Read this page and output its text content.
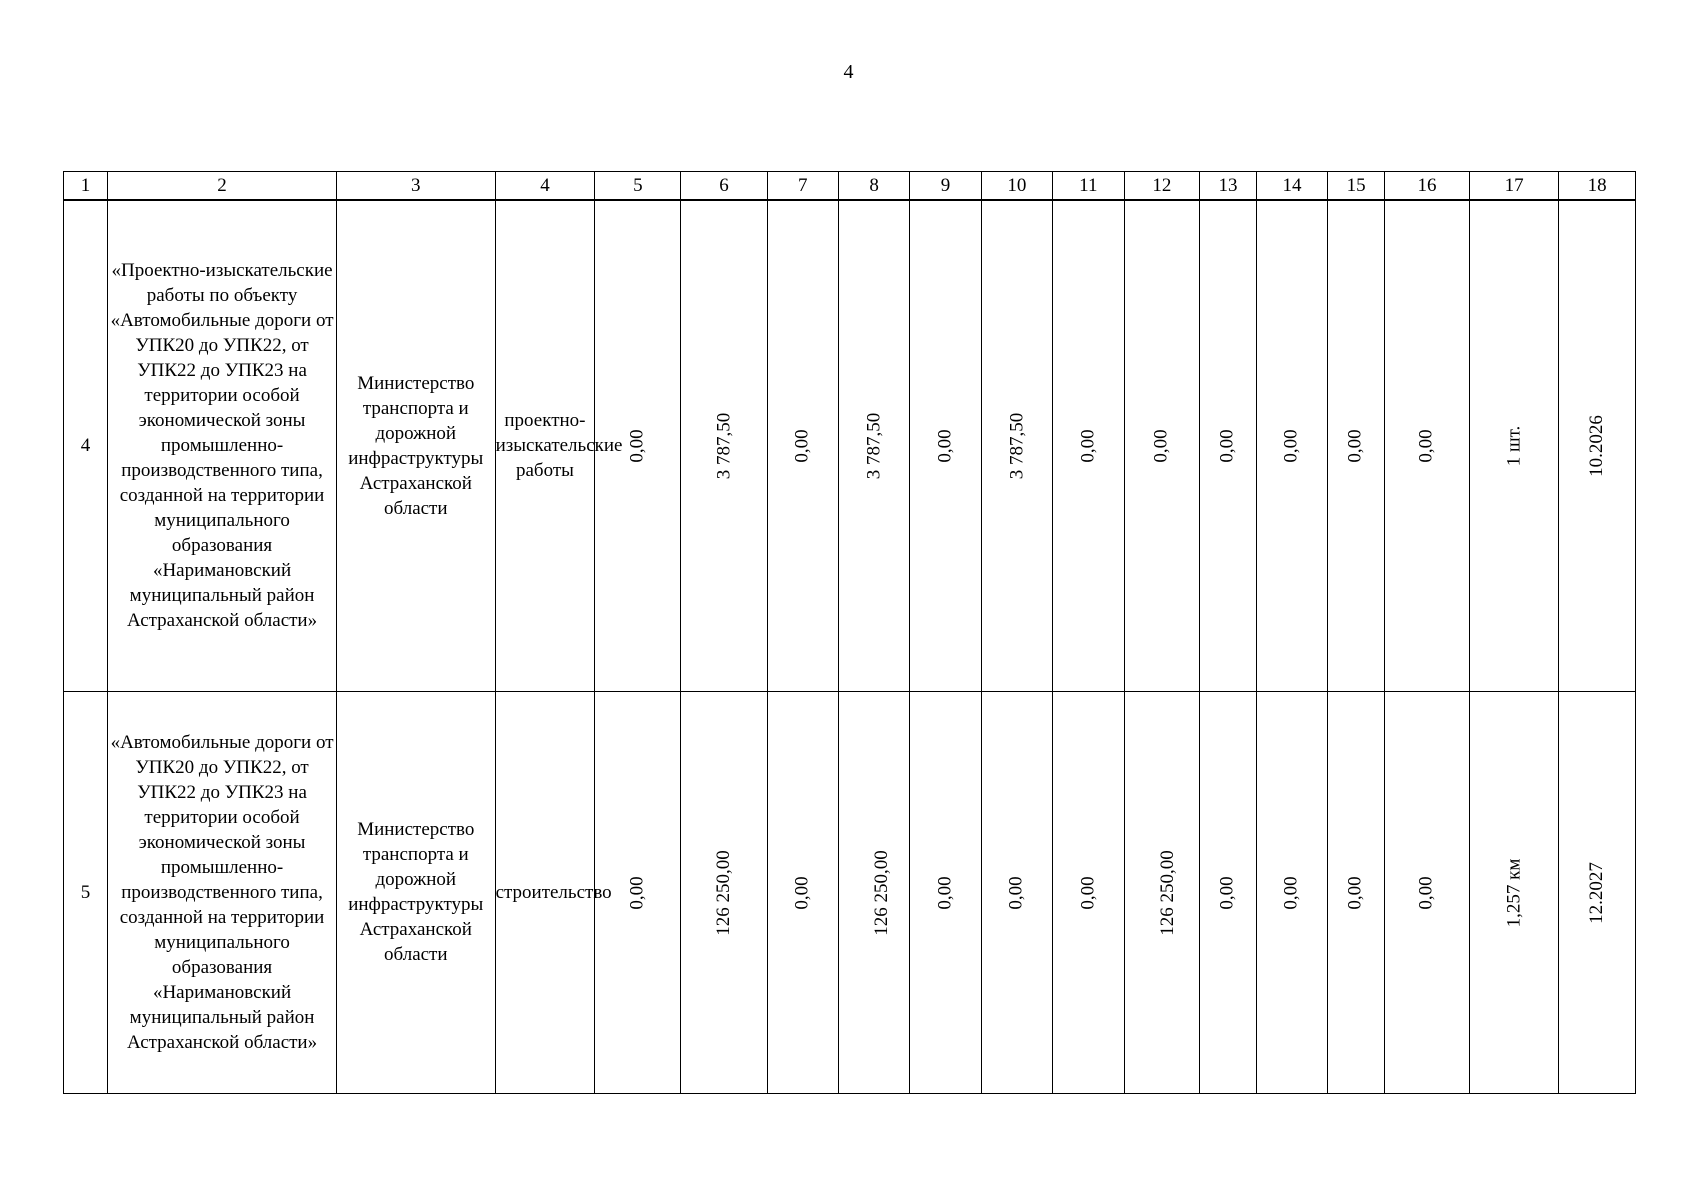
4
1	2	3	4	5	6	7	8	9	10	11	12	13	14	15	16	17	18
4	«Проектно-изыскательские работы по объекту «Автомобильные дороги от УПК20 до УПК22, от УПК22 до УПК23 на территории особой экономической зоны промышленно-производственного типа, созданной на территории муниципального образования «Наримановский муниципальный район Астраханской области»	Министерство транспорта и дорожной инфраструктуры Астраханской области	проектно-изыскательские работы	0,00	3 787,50	0,00	3 787,50	0,00	3 787,50	0,00	0,00	0,00	0,00	0,00	0,00	1 шт.	10.2026
5	«Автомобильные дороги от УПК20 до УПК22, от УПК22 до УПК23 на территории особой экономической зоны промышленно-производственного типа, созданной на территории муниципального образования «Наримановский муниципальный район Астраханской области»	Министерство транспорта и дорожной инфраструктуры Астраханской области	строительство	0,00	126 250,00	0,00	126 250,00	0,00	0,00	0,00	126 250,00	0,00	0,00	0,00	0,00	1,257 км	12.2027
